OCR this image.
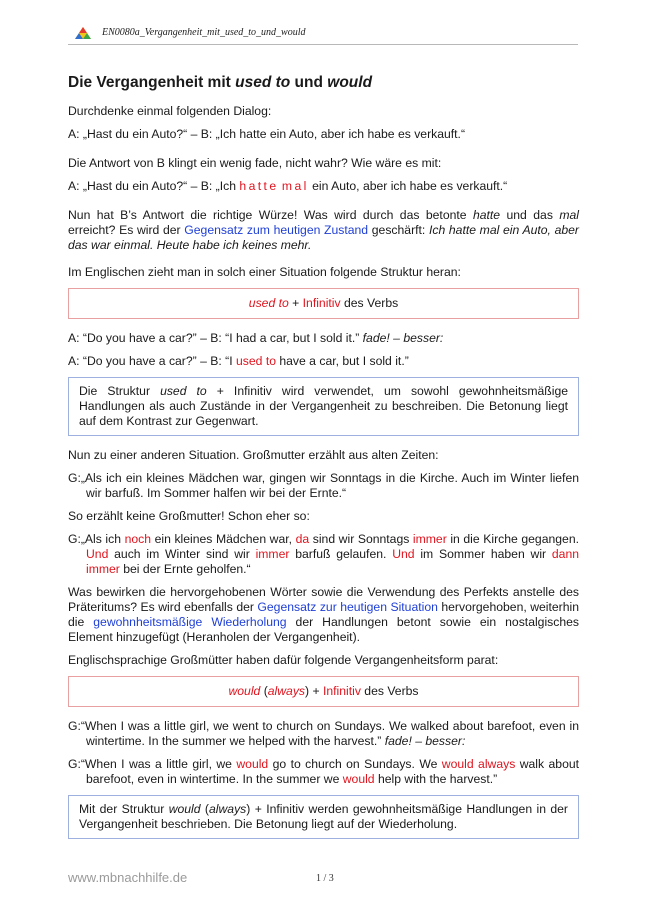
EN0080a_Vergangenheit_mit_used_to_und_would
Die Vergangenheit mit used to und would

Durchdenke einmal folgenden Dialog:

A: „Hast du ein Auto?“ – B: „Ich hatte ein Auto, aber ich habe es verkauft.“

Die Antwort von B klingt ein wenig fade, nicht wahr? Wie wäre es mit:

A: „Hast du ein Auto?“ – B: „Ich hatte mal ein Auto, aber ich habe es verkauft.“

Nun hat B’s Antwort die richtige Würze! Was wird durch das betonte hatte und das mal erreicht? Es wird der Gegensatz zum heutigen Zustand geschärft: Ich hatte mal ein Auto, aber das war einmal. Heute habe ich keines mehr.

Im Englischen zieht man in solch einer Situation folgende Struktur heran:

used to + Infinitiv des Verbs

A: “Do you have a car?” – B: “I had a car, but I sold it.” fade! – besser:

A: “Do you have a car?” – B: “I used to have a car, but I sold it.”

Die Struktur used to + Infinitiv wird verwendet, um sowohl gewohnheitsmäßige Handlungen als auch Zustände in der Vergangenheit zu beschreiben. Die Betonung liegt auf dem Kontrast zur Gegenwart.

Nun zu einer anderen Situation. Großmutter erzählt aus alten Zeiten:

G:„Als ich ein kleines Mädchen war, gingen wir Sonntags in die Kirche. Auch im Winter liefen wir barfuß. Im Sommer halfen wir bei der Ernte.“

So erzählt keine Großmutter! Schon eher so:

G:„Als ich noch ein kleines Mädchen war, da sind wir Sonntags immer in die Kirche gegangen. Und auch im Winter sind wir immer barfuß gelaufen. Und im Sommer haben wir dann immer bei der Ernte geholfen.“

Was bewirken die hervorgehobenen Wörter sowie die Verwendung des Perfekts anstelle des Präteritums? Es wird ebenfalls der Gegensatz zur heutigen Situation hervorgehoben, weiterhin die gewohnheitsmäßige Wiederholung der Handlungen betont sowie ein nostalgisches Element hinzugefügt (Heranholen der Vergangenheit).

Englischsprachige Großmütter haben dafür folgende Vergangenheitsform parat:

would (always) + Infinitiv des Verbs

G:“When I was a little girl, we went to church on Sundays. We walked about barefoot, even in wintertime. In the summer we helped with the harvest.” fade! – besser:

G:“When I was a little girl, we would go to church on Sundays. We would always walk about barefoot, even in wintertime. In the summer we would help with the harvest.”

Mit der Struktur would (always) + Infinitiv werden gewohnheitsmäßige Handlungen in der Vergangenheit beschrieben. Die Betonung liegt auf der Wiederholung.
www.mbnachhilfe.de	1 / 3
